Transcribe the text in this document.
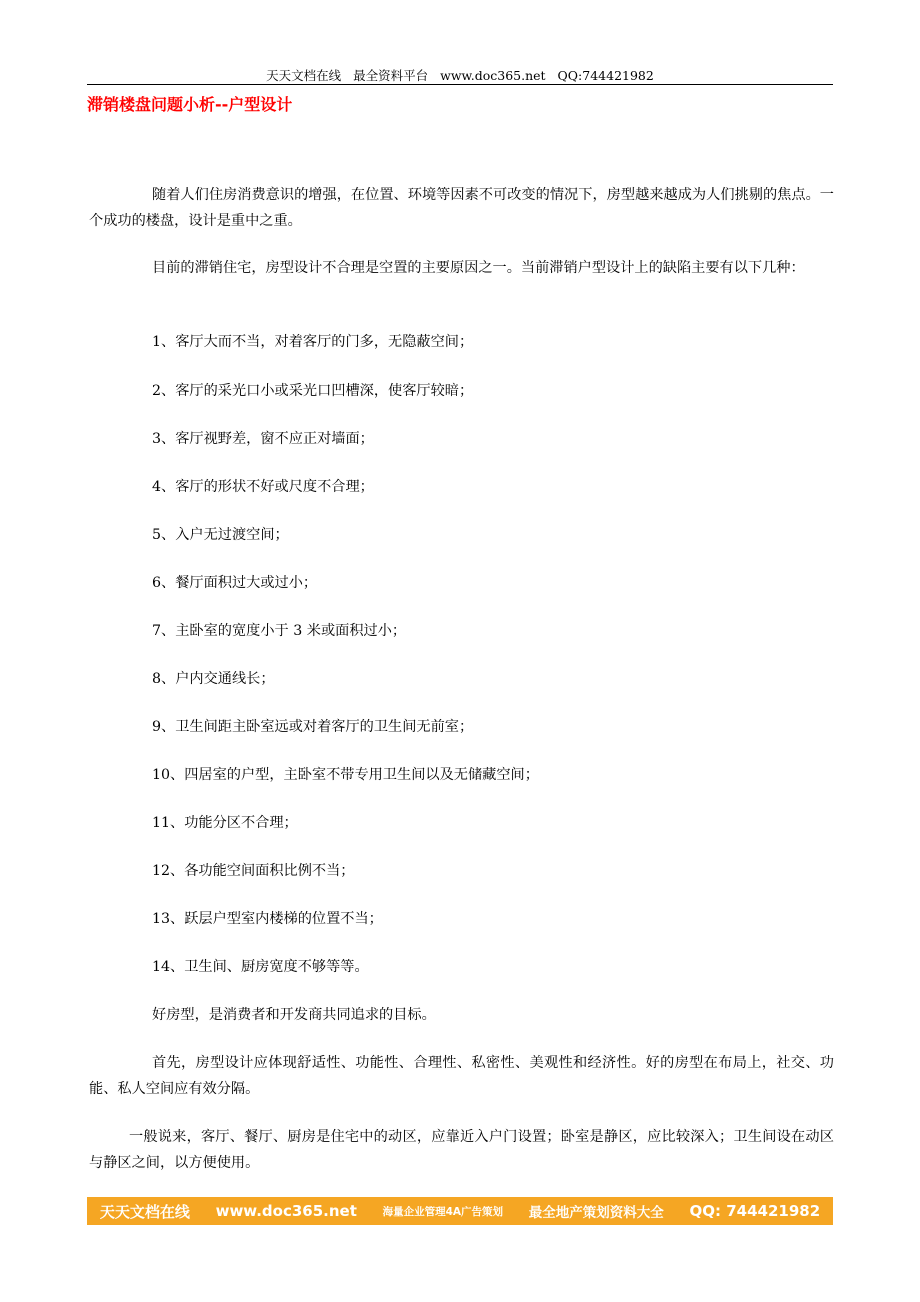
天天文档在线 最全资料平台 www.doc365.net QQ:744421982
滞销楼盘问题小析--户型设计

随着人们住房消费意识的增强，在位置、环境等因素不可改变的情况下，房型越来越成为人们挑剔的焦点。一个成功的楼盘，设计是重中之重。

目前的滞销住宅，房型设计不合理是空置的主要原因之一。当前滞销户型设计上的缺陷主要有以下几种：

1、客厅大而不当，对着客厅的门多，无隐蔽空间；
2、客厅的采光口小或采光口凹槽深，使客厅较暗；
3、客厅视野差，窗不应正对墙面；
4、客厅的形状不好或尺度不合理；
5、入户无过渡空间；
6、餐厅面积过大或过小；
7、主卧室的宽度小于 3 米或面积过小；
8、户内交通线长；
9、卫生间距主卧室远或对着客厅的卫生间无前室；
10、四居室的户型，主卧室不带专用卫生间以及无储藏空间；
11、功能分区不合理；
12、各功能空间面积比例不当；
13、跃层户型室内楼梯的位置不当；
14、卫生间、厨房宽度不够等等。

好房型，是消费者和开发商共同追求的目标。

首先，房型设计应体现舒适性、功能性、合理性、私密性、美观性和经济性。好的房型在布局上，社交、功能、私人空间应有效分隔。

一般说来，客厅、餐厅、厨房是住宅中的动区，应靠近入户门设置；卧室是静区，应比较深入；卫生间设在动区与静区之间，以方便使用。

天天文档在线 www.doc365.net 海量企业管理4A广告策划 最全地产策划资料大全 QQ: 744421982
